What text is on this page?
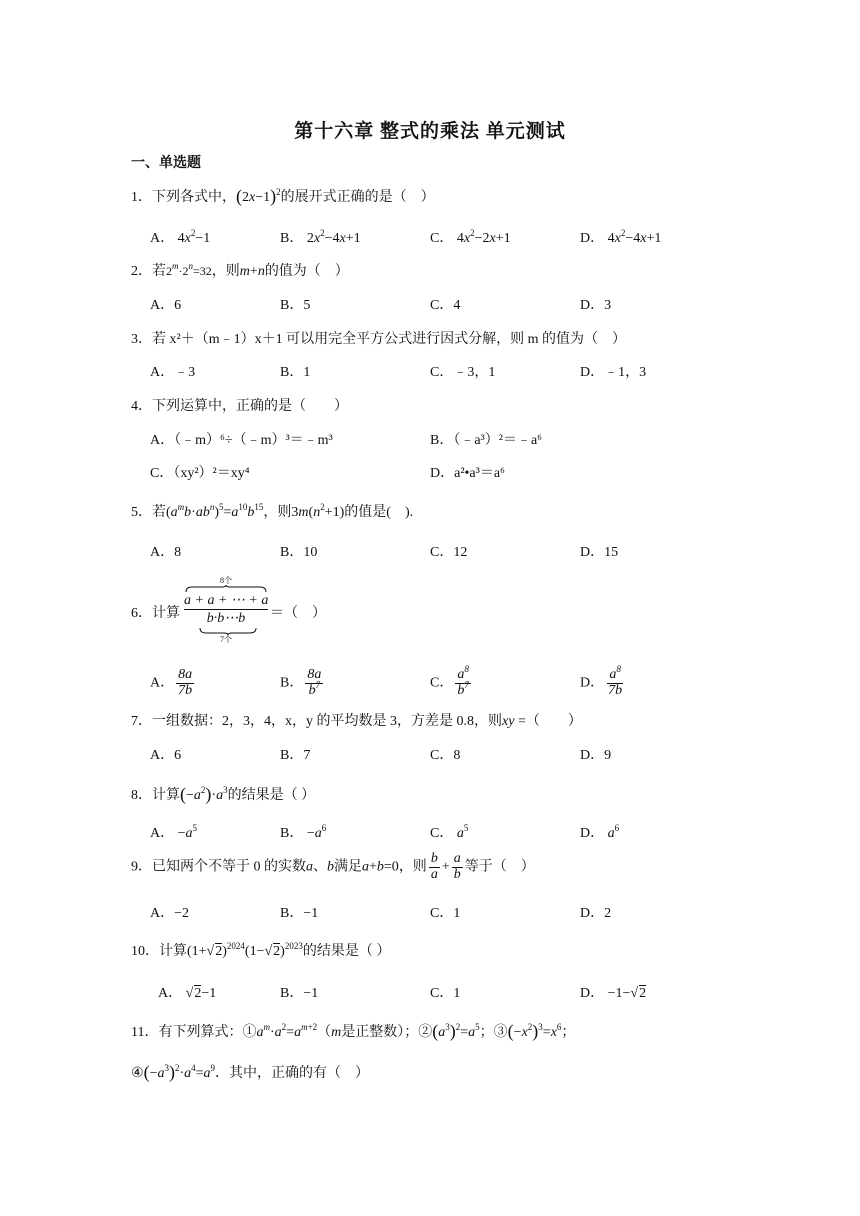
第十六章 整式的乘法 单元测试
一、单选题
1．下列各式中，$(2x-1)^2$的展开式正确的是（　）
A． $4x^2-1$	B． $2x^2-4x+1$	C． $4x^2-2x+1$	D． $4x^2-4x+1$
2．若$2^m\cdot 2^n=32$，则m+n的值为（　）
A．6	B．5	C．4	D．3
3．若 x²＋（m﹣1）x＋1 可以用完全平方公式进行因式分解，则 m 的值为（　）
A．﹣3	B．1	C．﹣3，1	D．﹣1，3
4．下列运算中，正确的是（　　）
A．（﹣m）⁶÷（﹣m）³＝﹣m³	B．（﹣a³）²＝﹣a⁶
C．（xy²）²＝xy⁴	D．a²•a³＝a⁶
5．若$(a^mb\cdot ab^n)^5=a^{10}b^{15}$，则$3m(n^2+1)$的值是(　).
A．8	B．10	C．12	D．15
6．计算
8个
a + a + ⋯ + a
b·b⋯b
7个
＝（　）
A． $\frac{8a}{7b}$	B． $\frac{8a}{b^7}$	C． $\frac{a^8}{b^7}$	D． $\frac{a^8}{7b}$
7．一组数据：2，3，4，x，y 的平均数是 3，方差是 0.8，则xy =（　　）
A．6	B．7	C．8	D．9
8．计算$(-a^2)\cdot a^3$的结果是（ ）
A． $-a^5$	B． $-a^6$	C． $a^5$	D． $a^6$
9．已知两个不等于 0 的实数a、b满足a+b=0，则 $\frac{b}{a} + \frac{a}{b}$ 等于（　）
A．−2	B．−1	C．1	D．2
10．计算$(1+√2)^{2024}(1-√2)^{2023}$的结果是（ ）
A． √2−1	B．−1	C．1	D． −1−√2
11．有下列算式：$①a^m\cdot a^2=a^{m+2}(m$是正整数）；$②(a^3)^2=a^5$；$③(-x^2)^3=x^6$；
$④(-a^3)^2\cdot a^4=a^9$．其中，正确的有（　）
